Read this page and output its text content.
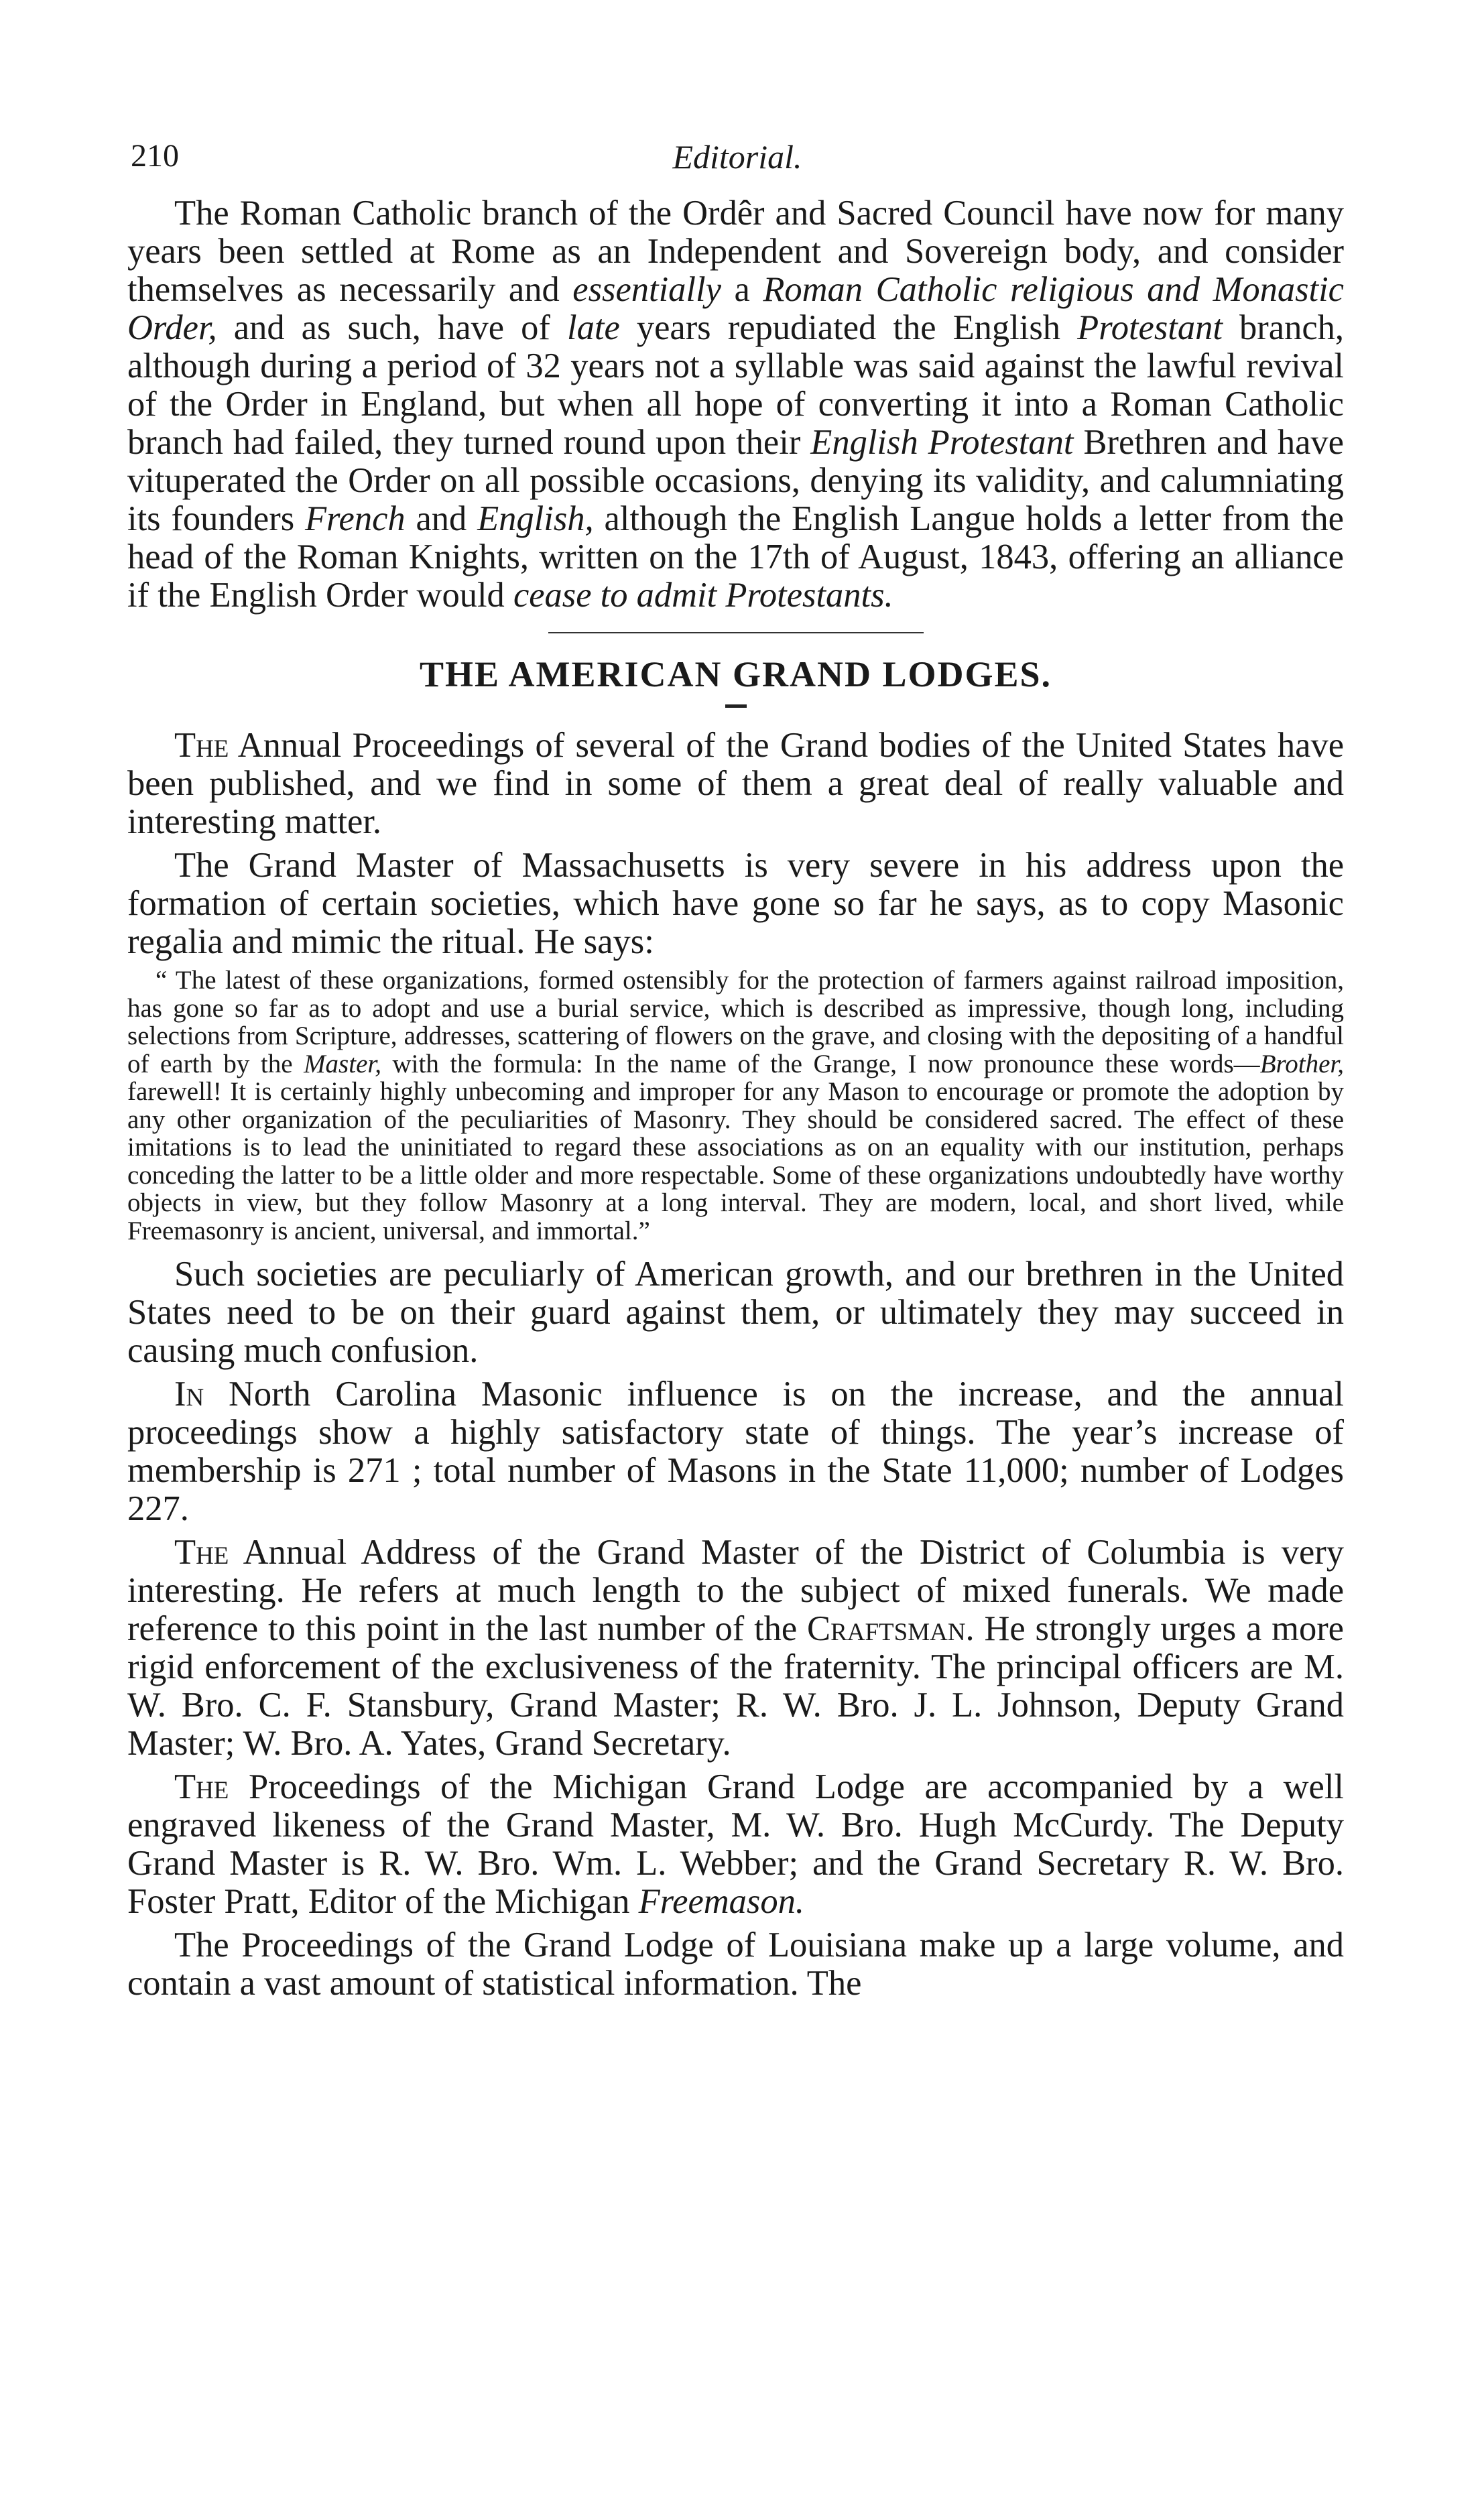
210	Editorial.

The Roman Catholic branch of the Ordêr and Sacred Council have now for many years been settled at Rome as an Independent and Sovereign body, and consider themselves as necessarily and essentially a Roman Catholic religious and Monastic Order, and as such, have of late years repudiated the English Protestant branch, although during a period of 32 years not a syllable was said against the lawful revival of the Order in England, but when all hope of converting it into a Roman Catholic branch had failed, they turned round upon their English Protestant Brethren and have vituperated the Order on all possible occasions, denying its validity, and calumniating its founders French and English, although the English Langue holds a letter from the head of the Roman Knights, written on the 17th of August, 1843, offering an alliance if the English Order would cease to admit Protestants.

THE AMERICAN GRAND LODGES.

The Annual Proceedings of several of the Grand bodies of the United States have been published, and we find in some of them a great deal of really valuable and interesting matter.

The Grand Master of Massachusetts is very severe in his address upon the formation of certain societies, which have gone so far he says, as to copy Masonic regalia and mimic the ritual. He says:

“ The latest of these organizations, formed ostensibly for the protection of farmers against railroad imposition, has gone so far as to adopt and use a burial service, which is described as impressive, though long, including selections from Scripture, addresses, scattering of flowers on the grave, and closing with the depositing of a handful of earth by the Master, with the formula: In the name of the Grange, I now pronounce these words—Brother, farewell! It is certainly highly unbecoming and improper for any Mason to encourage or promote the adoption by any other organization of the peculiarities of Masonry. They should be considered sacred. The effect of these imitations is to lead the uninitiated to regard these associations as on an equality with our institution, perhaps conceding the latter to be a little older and more respectable. Some of these organizations undoubtedly have worthy objects in view, but they follow Masonry at a long interval. They are modern, local, and short lived, while Freemasonry is ancient, universal, and immortal.”

Such societies are peculiarly of American growth, and our brethren in the United States need to be on their guard against them, or ultimately they may succeed in causing much confusion.

In North Carolina Masonic influence is on the increase, and the annual proceedings show a highly satisfactory state of things. The year’s increase of membership is 271 ; total number of Masons in the State 11,000; number of Lodges 227.

The Annual Address of the Grand Master of the District of Columbia is very interesting. He refers at much length to the subject of mixed funerals. We made reference to this point in the last number of the Craftsman. He strongly urges a more rigid enforcement of the exclusiveness of the fraternity. The principal officers are M. W. Bro. C. F. Stansbury, Grand Master; R. W. Bro. J. L. Johnson, Deputy Grand Master; W. Bro. A. Yates, Grand Secretary.

The Proceedings of the Michigan Grand Lodge are accompanied by a well engraved likeness of the Grand Master, M. W. Bro. Hugh McCurdy. The Deputy Grand Master is R. W. Bro. Wm. L. Webber; and the Grand Secretary R. W. Bro. Foster Pratt, Editor of the Michigan Freemason.

The Proceedings of the Grand Lodge of Louisiana make up a large volume, and contain a vast amount of statistical information. The
